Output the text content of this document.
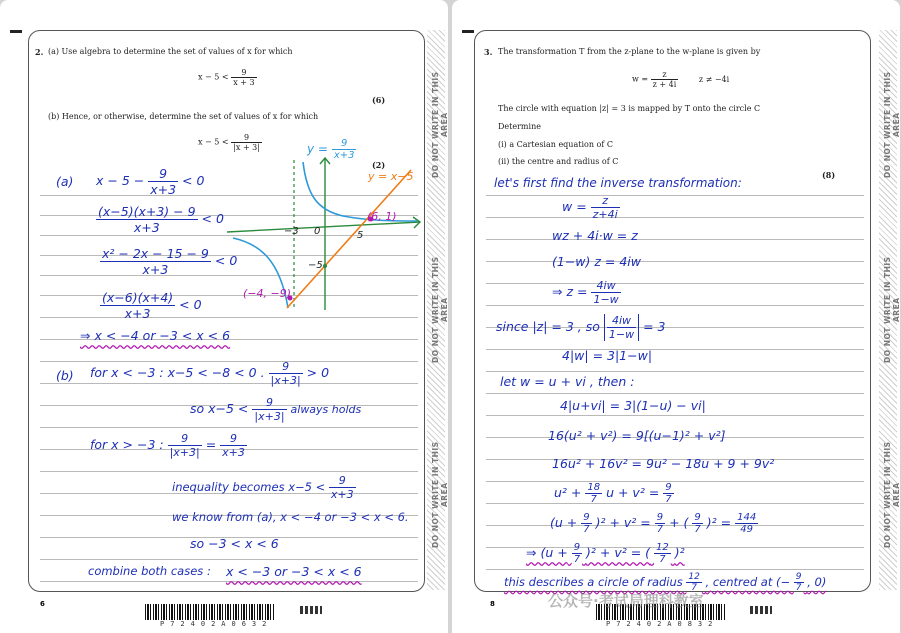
DO NOT WRITE IN THIS AREA
DO NOT WRITE IN THIS AREA
DO NOT WRITE IN THIS AREA
2. (a) Use algebra to determine the set of values of x for which
$x - 5 < \frac{9}{x + 3}$
(6)
(b) Hence, or otherwise, determine the set of values of x for which
$x - 5 < \frac{9}{|x + 3|}$
(2)
$y = \frac{9}{x+3}$
y = x−5
(6, 1)
(−4, −9)
−3 0	5
−5
(a) $x - 5 - \frac{9}{x+3} < 0$
$\frac{(x-5)(x+3) - 9}{x+3} < 0$
$\frac{\text{x² − 2x − 15 − 9}}{x+3} < 0$
$\frac{(x-6)(x+4)}{x+3} < 0$
⇒ x < −4 or −3 < x < 6
(b) for x < −3 : x−5 < −8 < 0 . $\frac{9}{|x+3|} > 0$
so $x-5 < \frac{9}{|x+3|}$ always holds
for x > −3 : $\frac{9}{|x+3|} = \frac{9}{x+3}$
inequality becomes $x-5 < \frac{9}{x+3}$
we know from (a), x < −4 or −3 < x < 6.
so −3 < x < 6
combine both cases : x < −3 or −3 < x < 6
6
P72402A0632
DO NOT WRITE IN THIS AREA
DO NOT WRITE IN THIS AREA
DO NOT WRITE IN THIS AREA
3. The transformation T from the z-plane to the w-plane is given by
$w = \frac{z}{z + 4i}$	z ≠ −4i
The circle with equation |z| = 3 is mapped by T onto the circle C
Determine
(i) a Cartesian equation of C
(ii) the centre and radius of C
(8)
let's first find the inverse transformation:
$w = \frac{z}{z+4i}$
wz + 4i·w = z
(1−w) z = 4iw
⇒ $z = \frac{4iw}{1-w}$
since |z| = 3 , so $\frac{4iw}{1-w} = 3$
4|w| = 3|1−w|
let w = u + vi , then :
4|u+vi| = 3|(1−u) − vi|
16(u² + v²) = 9[(u−1)² + v²]
16u² + 16v² = 9u² − 18u + 9 + 9v²
$u^2 + \frac{18}{7}$ $u + v^2 = \frac{9}{7}$
$(u + \frac{9}{7} )^2 + v^2 = \frac{9}{7}$ + ( $\frac{9}{7} )^2 = \frac{144}{49}$
⇒ $(u + \frac{9}{7} )^2 + v^2$ = ( $\frac{12}{7} )^2$
this describes a circle of radius $\frac{12}{7}$ , centred at (− $\frac{9}{7}$ , 0)
8
P72402A0832
公众号·考试局理科教室
